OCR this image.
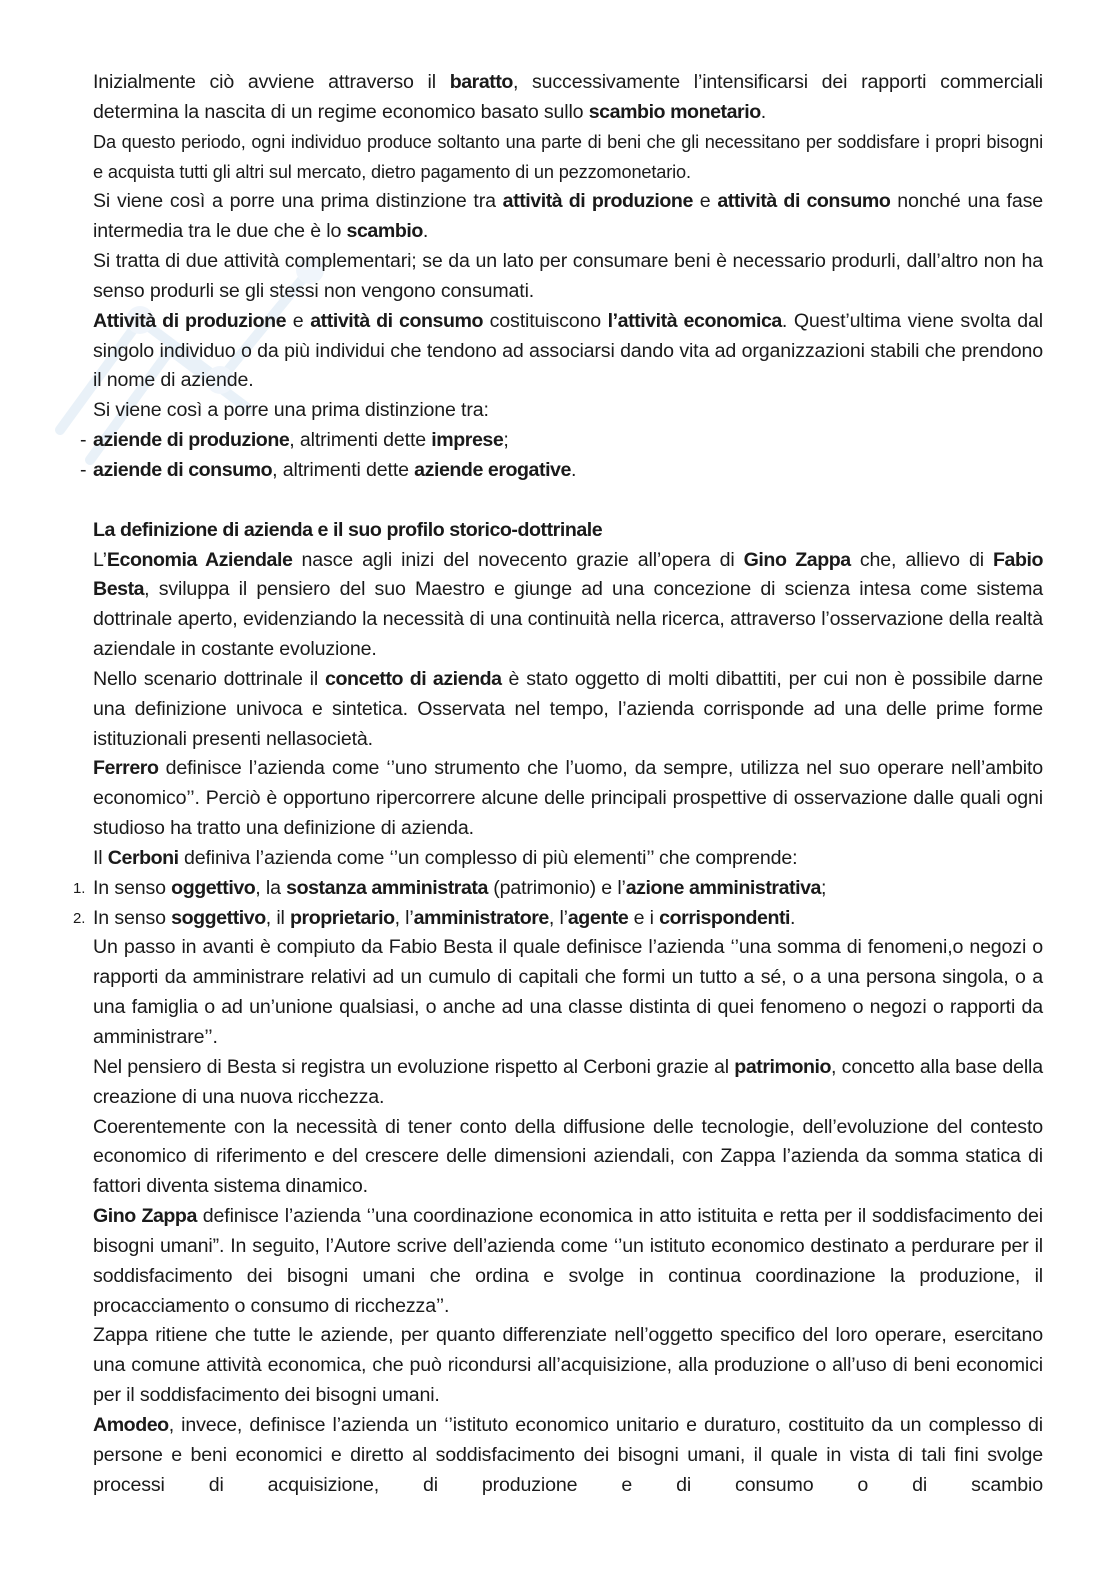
Inizialmente ciò avviene attraverso il baratto, successivamente l’intensificarsi dei rapporti commerciali determina la nascita di un regime economico basato sullo scambio monetario.

Da questo periodo, ogni individuo produce soltanto una parte di beni che gli necessitano per soddisfare i propri bisogni e acquista tutti gli altri sul mercato, dietro pagamento di un pezzomonetario.

Si viene così a porre una prima distinzione tra attività di produzione e attività di consumo nonché una fase intermedia tra le due che è lo scambio.

Si tratta di due attività complementari; se da un lato per consumare beni è necessario produrli, dall’altro non ha senso produrli se gli stessi non vengono consumati.

Attività di produzione e attività di consumo costituiscono l’attività economica. Quest’ultima viene svolta dal singolo individuo o da più individui che tendono ad associarsi dando vita ad organizzazioni stabili che prendono il nome di aziende.

Si viene così a porre una prima distinzione tra:

- aziende di produzione, altrimenti dette imprese;
- aziende di consumo, altrimenti dette aziende erogative.

La definizione di azienda e il suo profilo storico-dottrinale

L’Economia Aziendale nasce agli inizi del novecento grazie all’opera di Gino Zappa che, allievo di Fabio Besta, sviluppa il pensiero del suo Maestro e giunge ad una concezione di scienza intesa come sistema dottrinale aperto, evidenziando la necessità di una continuità nella ricerca, attraverso l’osservazione della realtà aziendale in costante evoluzione.

Nello scenario dottrinale il concetto di azienda è stato oggetto di molti dibattiti, per cui non è possibile darne una definizione univoca e sintetica. Osservata nel tempo, l’azienda corrisponde ad una delle prime forme istituzionali presenti nellasocietà.

Ferrero definisce l’azienda come ‘’uno strumento che l’uomo, da sempre, utilizza nel suo operare nell’ambito economico’’. Perciò è opportuno ripercorrere alcune delle principali prospettive di osservazione dalle quali ogni studioso ha tratto una definizione di azienda.

Il Cerboni definiva l’azienda come ‘’un complesso di più elementi’’ che comprende:

1. In senso oggettivo, la sostanza amministrata (patrimonio) e l’azione amministrativa;
2. In senso soggettivo, il proprietario, l’amministratore, l’agente e i corrispondenti.

Un passo in avanti è compiuto da Fabio Besta il quale definisce l’azienda ‘’una somma di fenomeni,o negozi o rapporti da amministrare relativi ad un cumulo di capitali che formi un tutto a sé, o a una persona singola, o a una famiglia o ad un’unione qualsiasi, o anche ad una classe distinta di quei fenomeno o negozi o rapporti da amministrare’’.

Nel pensiero di Besta si registra un evoluzione rispetto al Cerboni grazie al patrimonio, concetto alla base della creazione di una nuova ricchezza.

Coerentemente con la necessità di tener conto della diffusione delle tecnologie, dell’evoluzione del contesto economico di riferimento e del crescere delle dimensioni aziendali, con Zappa l’azienda da somma statica di fattori diventa sistema dinamico.

Gino Zappa definisce l’azienda ‘’una coordinazione economica in atto istituita e retta per il soddisfacimento dei bisogni umani”. In seguito, l’Autore scrive dell’azienda come ‘’un istituto economico destinato a perdurare per il soddisfacimento dei bisogni umani che ordina e svolge in continua coordinazione la produzione, il procacciamento o consumo di ricchezza’’.

Zappa ritiene che tutte le aziende, per quanto differenziate nell’oggetto specifico del loro operare, esercitano una comune attività economica, che può ricondursi all’acquisizione, alla produzione o all’uso di beni economici per il soddisfacimento dei bisogni umani.

Amodeo, invece, definisce l’azienda un ‘’istituto economico unitario e duraturo, costituito da un complesso di persone e beni economici e diretto al soddisfacimento dei bisogni umani, il quale in vista di tali fini svolge processi di acquisizione, di produzione e di consumo o di scambio
